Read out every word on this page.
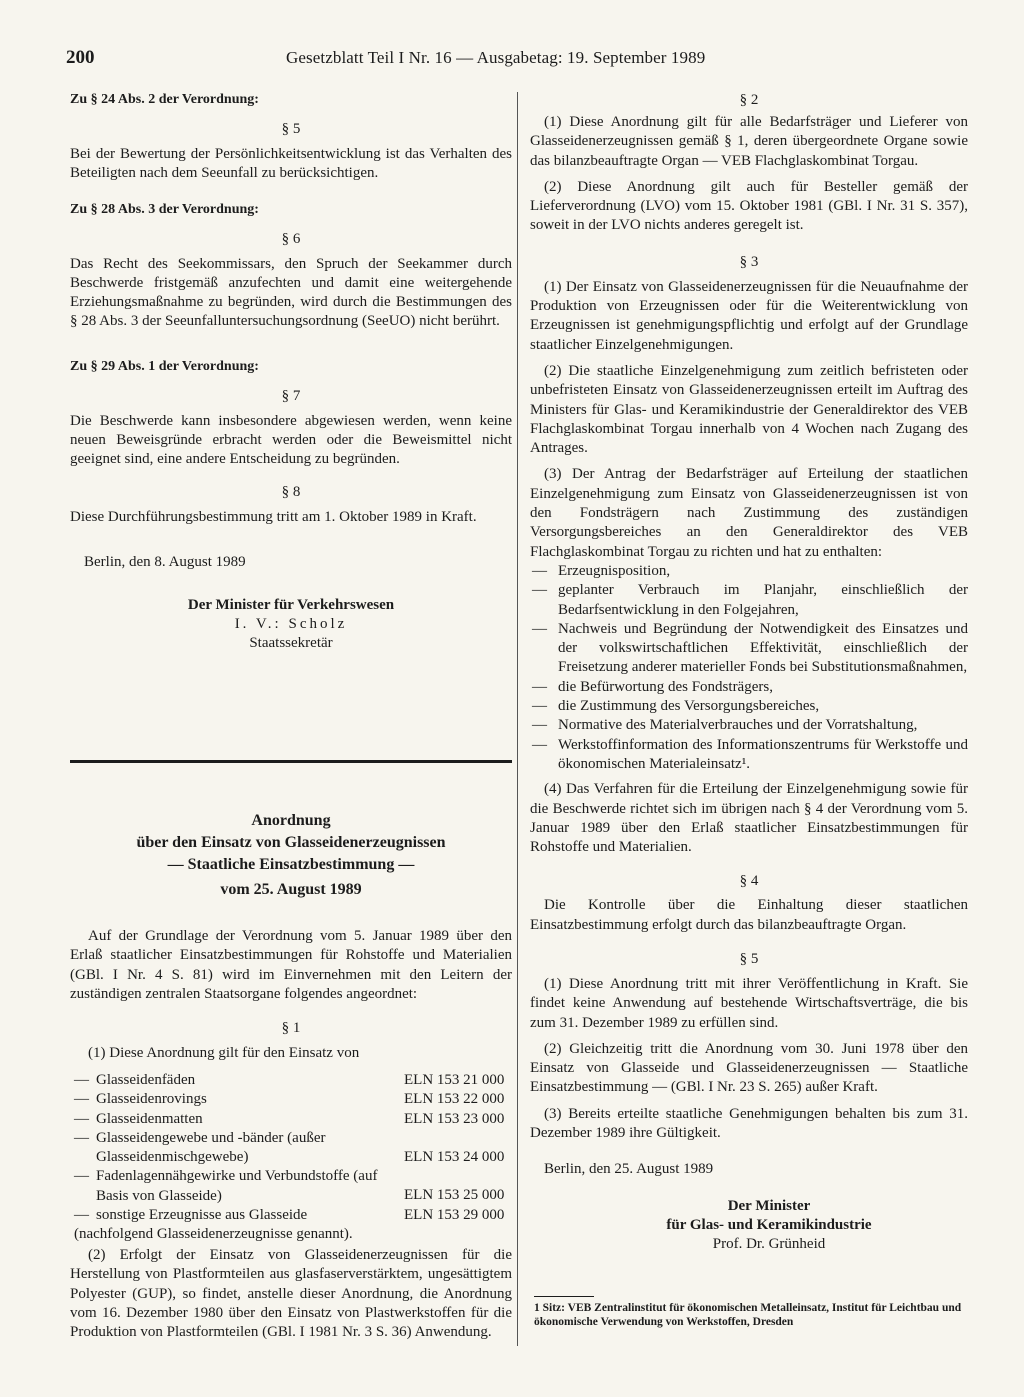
200	Gesetzblatt Teil I Nr. 16 — Ausgabetag: 19. September 1989

Zu § 24 Abs. 2 der Verordnung:

§ 5

Bei der Bewertung der Persönlichkeitsentwicklung ist das Verhalten des Beteiligten nach dem Seeunfall zu berücksichtigen.

Zu § 28 Abs. 3 der Verordnung:

§ 6

Das Recht des Seekommissars, den Spruch der Seekammer durch Beschwerde fristgemäß anzufechten und damit eine weitergehende Erziehungsmaßnahme zu begründen, wird durch die Bestimmungen des § 28 Abs. 3 der Seeunfalluntersuchungsordnung (SeeUO) nicht berührt.

Zu § 29 Abs. 1 der Verordnung:

§ 7

Die Beschwerde kann insbesondere abgewiesen werden, wenn keine neuen Beweisgründe erbracht werden oder die Beweismittel nicht geeignet sind, eine andere Entscheidung zu begründen.

§ 8

Diese Durchführungsbestimmung tritt am 1. Oktober 1989 in Kraft.

Berlin, den 8. August 1989

Der Minister für Verkehrswesen

I. V.: Scholz

Staatssekretär

Anordnung

über den Einsatz von Glasseidenerzeugnissen

— Staatliche Einsatzbestimmung —

vom 25. August 1989

Auf der Grundlage der Verordnung vom 5. Januar 1989 über den Erlaß staatlicher Einsatzbestimmungen für Rohstoffe und Materialien (GBl. I Nr. 4 S. 81) wird im Einvernehmen mit den Leitern der zuständigen zentralen Staatsorgane folgendes angeordnet:

§ 1

(1) Diese Anordnung gilt für den Einsatz von

— Glasseidenfäden	ELN 153 21 000
— Glasseidenrovings	ELN 153 22 000
— Glasseidenmatten	ELN 153 23 000
— Glasseidengewebe und -bänder (außer Glasseidenmischgewebe)	ELN 153 24 000
— Fadenlagennähgewirke und Verbundstoffe (auf Basis von Glasseide)	ELN 153 25 000
— sonstige Erzeugnisse aus Glasseide	ELN 153 29 000
(nachfolgend Glasseidenerzeugnisse genannt).

(2) Erfolgt der Einsatz von Glasseidenerzeugnissen für die Herstellung von Plastformteilen aus glasfaserverstärktem, ungesättigtem Polyester (GUP), so findet, anstelle dieser Anordnung, die Anordnung vom 16. Dezember 1980 über den Einsatz von Plastwerkstoffen für die Produktion von Plastformteilen (GBl. I 1981 Nr. 3 S. 36) Anwendung.

§ 2

(1) Diese Anordnung gilt für alle Bedarfsträger und Lieferer von Glasseidenerzeugnissen gemäß § 1, deren übergeordnete Organe sowie das bilanzbeauftragte Organ — VEB Flachglaskombinat Torgau.

(2) Diese Anordnung gilt auch für Besteller gemäß der Lieferverordnung (LVO) vom 15. Oktober 1981 (GBl. I Nr. 31 S. 357), soweit in der LVO nichts anderes geregelt ist.

§ 3

(1) Der Einsatz von Glasseidenerzeugnissen für die Neuaufnahme der Produktion von Erzeugnissen oder für die Weiterentwicklung von Erzeugnissen ist genehmigungspflichtig und erfolgt auf der Grundlage staatlicher Einzelgenehmigungen.

(2) Die staatliche Einzelgenehmigung zum zeitlich befristeten oder unbefristeten Einsatz von Glasseidenerzeugnissen erteilt im Auftrag des Ministers für Glas- und Keramikindustrie der Generaldirektor des VEB Flachglaskombinat Torgau innerhalb von 4 Wochen nach Zugang des Antrages.

(3) Der Antrag der Bedarfsträger auf Erteilung der staatlichen Einzelgenehmigung zum Einsatz von Glasseidenerzeugnissen ist von den Fondsträgern nach Zustimmung des zuständigen Versorgungsbereiches an den Generaldirektor des VEB Flachglaskombinat Torgau zu richten und hat zu enthalten:

— Erzeugnisposition,

— geplanter Verbrauch im Planjahr, einschließlich der Bedarfsentwicklung in den Folgejahren,

— Nachweis und Begründung der Notwendigkeit des Einsatzes und der volkswirtschaftlichen Effektivität, einschließlich der Freisetzung anderer materieller Fonds bei Substitutionsmaßnahmen,

— die Befürwortung des Fondsträgers,

— die Zustimmung des Versorgungsbereiches,

— Normative des Materialverbrauches und der Vorratshaltung,

— Werkstoffinformation des Informationszentrums für Werkstoffe und ökonomischen Materialeinsatz¹.

(4) Das Verfahren für die Erteilung der Einzelgenehmigung sowie für die Beschwerde richtet sich im übrigen nach § 4 der Verordnung vom 5. Januar 1989 über den Erlaß staatlicher Einsatzbestimmungen für Rohstoffe und Materialien.

§ 4

Die Kontrolle über die Einhaltung dieser staatlichen Einsatzbestimmung erfolgt durch das bilanzbeauftragte Organ.

§ 5

(1) Diese Anordnung tritt mit ihrer Veröffentlichung in Kraft. Sie findet keine Anwendung auf bestehende Wirtschaftsverträge, die bis zum 31. Dezember 1989 zu erfüllen sind.

(2) Gleichzeitig tritt die Anordnung vom 30. Juni 1978 über den Einsatz von Glasseide und Glasseidenerzeugnissen — Staatliche Einsatzbestimmung — (GBl. I Nr. 23 S. 265) außer Kraft.

(3) Bereits erteilte staatliche Genehmigungen behalten bis zum 31. Dezember 1989 ihre Gültigkeit.

Berlin, den 25. August 1989

Der Minister

für Glas- und Keramikindustrie

Prof. Dr. Grünheid

1 Sitz: VEB Zentralinstitut für ökonomischen Metalleinsatz, Institut für Leichtbau und ökonomische Verwendung von Werkstoffen, Dresden
